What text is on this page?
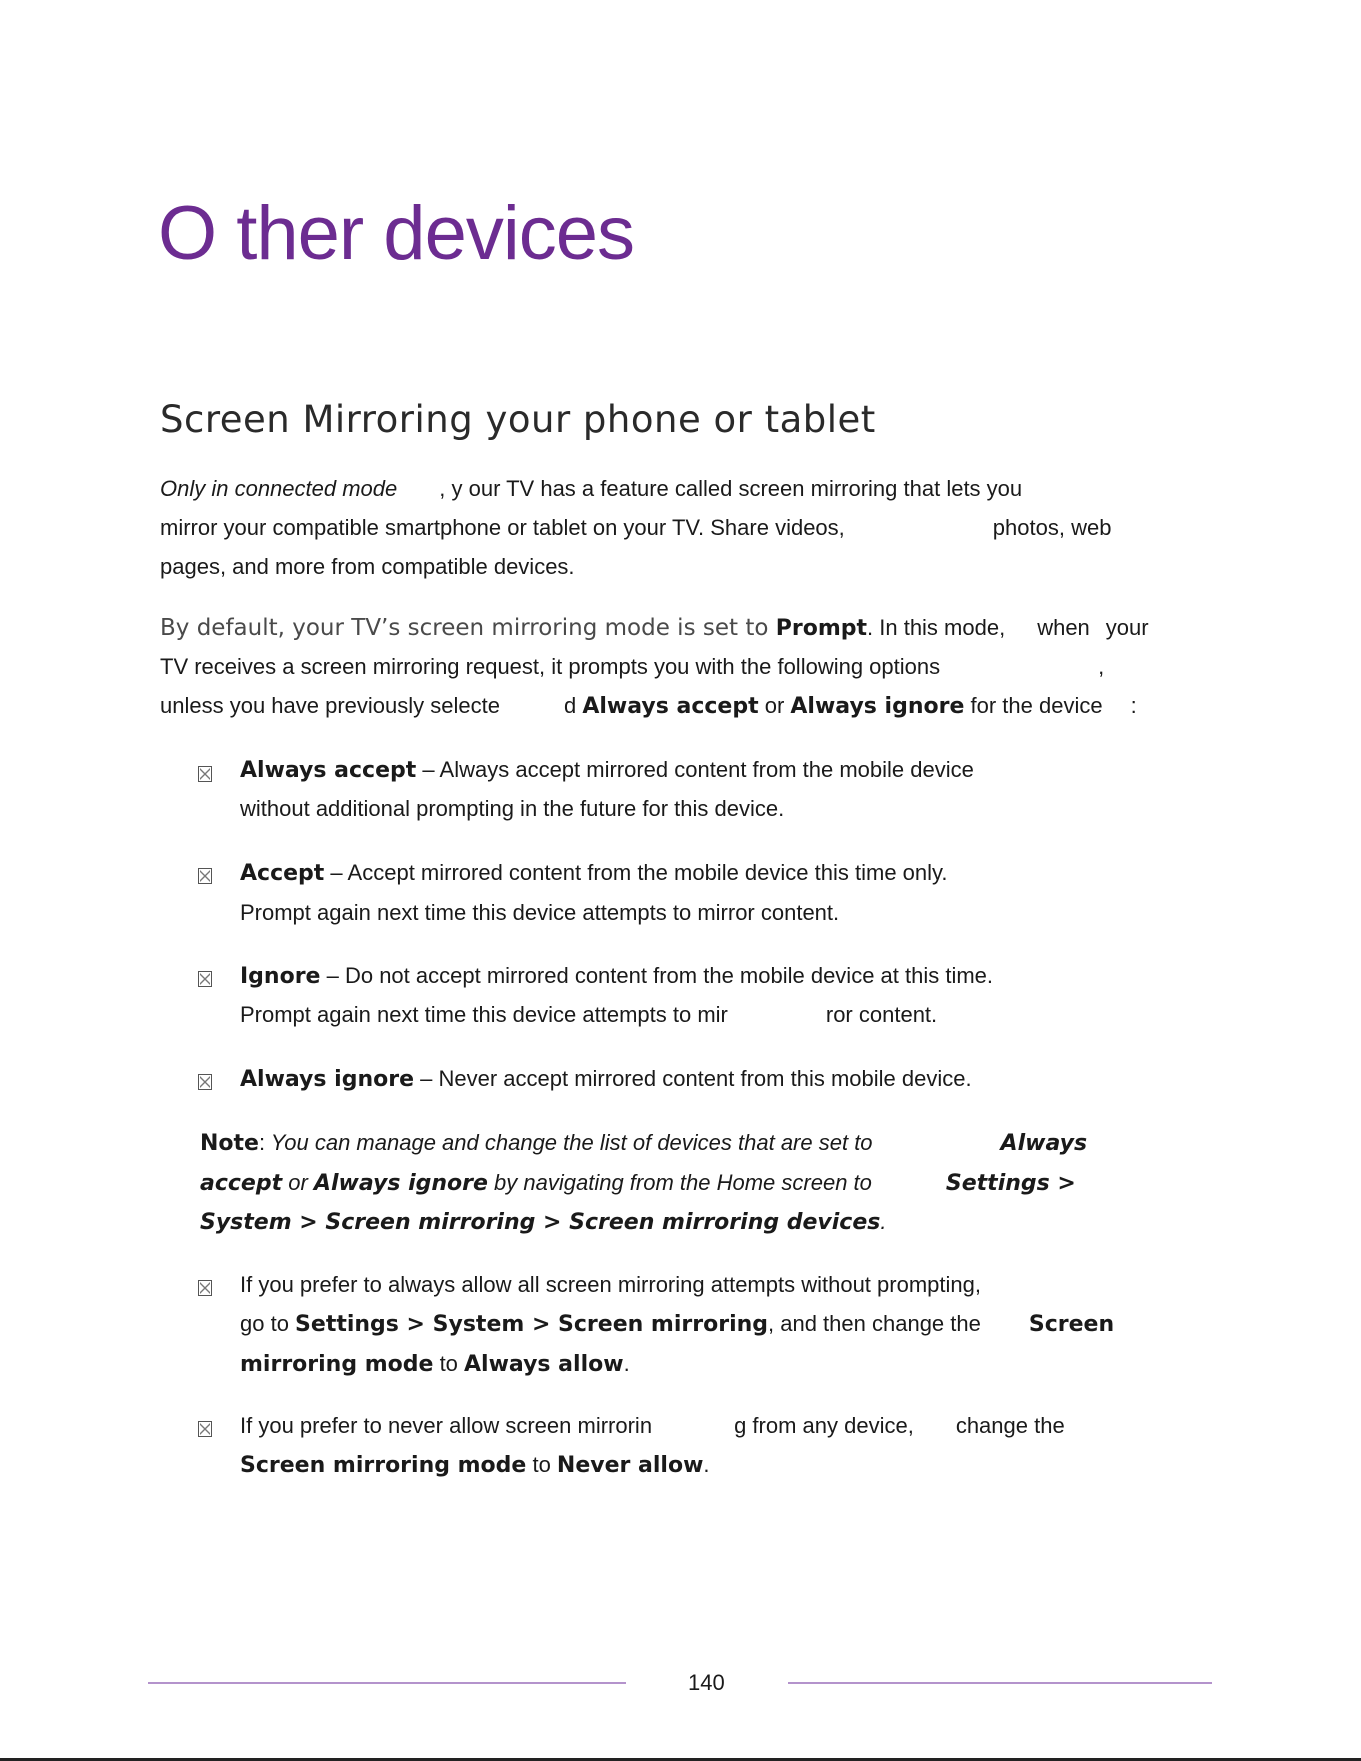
O ther devices
Screen Mirroring your phone or tablet
Only in connected mode , y our TV has a feature called screen mirroring that lets you
mirror your compatible smartphone or tablet on your TV. Share videos,	photos, web
pages, and more from compatible devices.
By default, your TV’s screen mirroring mode is set to Prompt. In this mode, when your
TV receives a screen mirroring request, it prompts you with the following options	,
unless you have previously selecte	d Always accept or Always ignore for the device :
Always accept – Always accept mirrored content from the mobile device
without additional prompting in the future for this device.
Accept – Accept mirrored content from the mobile device this time only.
Prompt again next time this device attempts to mirror content.
Ignore – Do not accept mirrored content from the mobile device at this time.
Prompt again next time this device attempts to mir	ror content.
Always ignore – Never accept mirrored content from this mobile device.
Note: You can manage and change the list of devices that are set to	Always
accept or Always ignore by navigating from the Home screen to	Settings >
System > Screen mirroring > Screen mirroring devices.
If you prefer to always allow all screen mirroring attempts without prompting,
go to Settings > System > Screen mirroring, and then change the Screen
mirroring mode to Always allow.
If you prefer to never allow screen mirrorin	g from any device, change the
Screen mirroring mode to Never allow.
140
